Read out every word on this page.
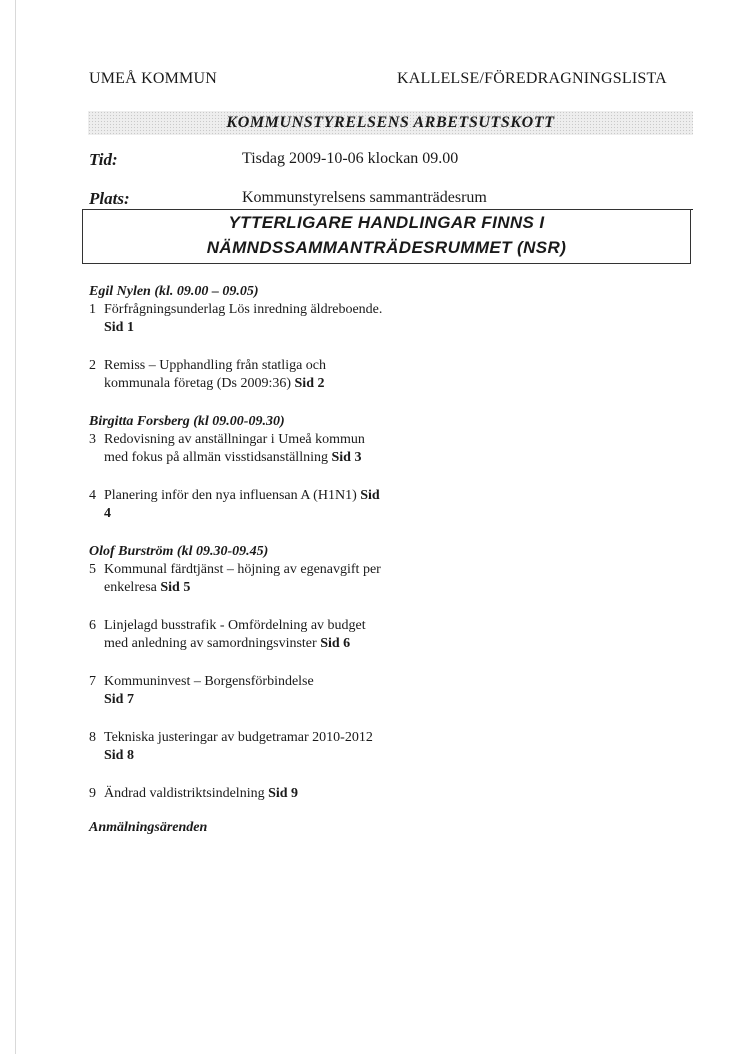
UMEÅ KOMMUN	KALLELSE/FÖREDRAGNINGSLISTA
KOMMUNSTYRELSENS ARBETSUTSKOTT
Tid:	Tisdag 2009-10-06 klockan 09.00
Plats:	Kommunstyrelsens sammanträdesrum
YTTERLIGARE HANDLINGAR FINNS I
NÄMNDSSAMMANTRÄDESRUMMET (NSR)
Egil Nylen (kl. 09.00 – 09.05)
1 Förfrågningsunderlag Lös inredning äldreboende. Sid 1
2 Remiss – Upphandling från statliga och kommunala företag (Ds 2009:36) Sid 2
Birgitta Forsberg (kl 09.00-09.30)
3 Redovisning av anställningar i Umeå kommun med fokus på allmän visstidsanställning Sid 3
4 Planering inför den nya influensan A (H1N1) Sid 4
Olof Burström (kl 09.30-09.45)
5 Kommunal färdtjänst – höjning av egenavgift per enkelresa Sid 5
6 Linjelagd busstrafik - Omfördelning av budget med anledning av samordningsvinster Sid 6
7 Kommuninvest – Borgensförbindelse
Sid 7
8 Tekniska justeringar av budgetramar 2010-2012 Sid 8
9 Ändrad valdistriktsindelning Sid 9
Anmälningsärenden
